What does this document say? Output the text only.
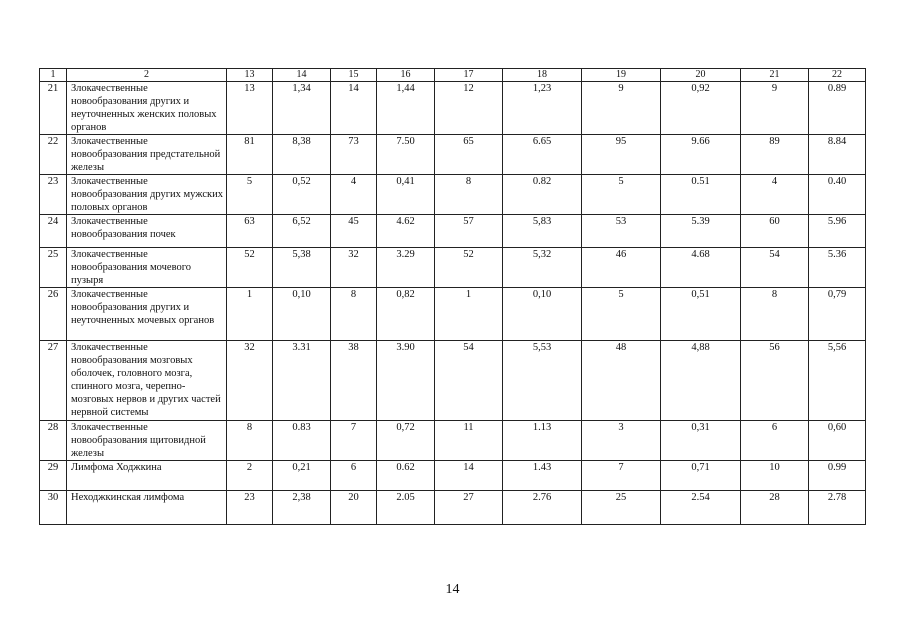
1	2	13	14	15	16	17	18	19	20	21	22
21	Злокачественные новообразования других и неуточненных женских половых органов	13	1,34	14	1,44	12	1,23	9	0,92	9	0.89
22	Злокачественные новообразования предстательной железы	81	8,38	73	7.50	65	6.65	95	9.66	89	8.84
23	Злокачественные новообразования других мужских половых органов	5	0,52	4	0,41	8	0.82	5	0.51	4	0.40
24	Злокачественные новообразования почек	63	6,52	45	4.62	57	5,83	53	5.39	60	5.96
25	Злокачественные новообразования мочевого пузыря	52	5,38	32	3.29	52	5,32	46	4.68	54	5.36
26	Злокачественные новообразования других и неуточненных мочевых органов	1	0,10	8	0,82	1	0,10	5	0,51	8	0,79
27	Злокачественные новообразования мозговых оболочек, головного мозга, спинного мозга, черепно-мозговых нервов и других частей нервной системы	32	3.31	38	3.90	54	5,53	48	4,88	56	5,56
28	Злокачественные новообразования щитовидной железы	8	0.83	7	0,72	11	1.13	3	0,31	6	0,60
29	Лимфома Ходжкина	2	0,21	6	0.62	14	1.43	7	0,71	10	0.99
30	Неходжкинская лимфома	23	2,38	20	2.05	27	2.76	25	2.54	28	2.78
14
